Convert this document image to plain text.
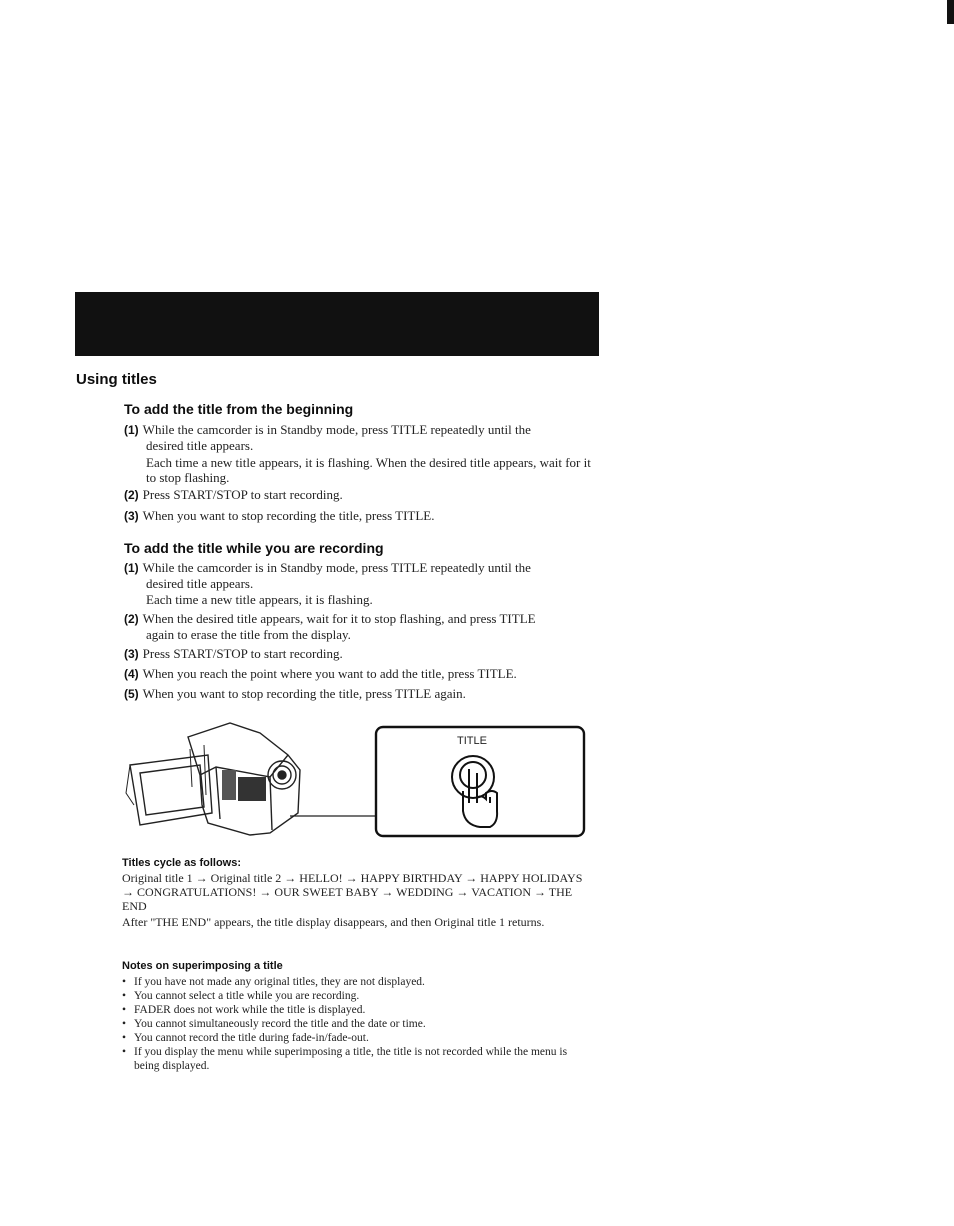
Using titles
To add the title from the beginning
(1) While the camcorder is in Standby mode, press TITLE repeatedly until the
desired title appears.
Each time a new title appears, it is flashing. When the desired title appears, wait for it to stop flashing.
(2) Press START/STOP to start recording.
(3) When you want to stop recording the title, press TITLE.
To add the title while you are recording
(1) While the camcorder is in Standby mode, press TITLE repeatedly until the
desired title appears.
Each time a new title appears, it is flashing.
(2) When the desired title appears, wait for it to stop flashing, and press TITLE
again to erase the title from the display.
(3) Press START/STOP to start recording.
(4) When you reach the point where you want to add the title, press TITLE.
(5) When you want to stop recording the title, press TITLE again.
TITLE
Titles cycle as follows:
Original title 1 → Original title 2 → HELLO! → HAPPY BIRTHDAY → HAPPY HOLIDAYS → CONGRATULATIONS! → OUR SWEET BABY → WEDDING → VACATION → THE END
After "THE END" appears, the title display disappears, and then Original title 1 returns.
Notes on superimposing a title
• If you have not made any original titles, they are not displayed.
• You cannot select a title while you are recording.
• FADER does not work while the title is displayed.
• You cannot simultaneously record the title and the date or time.
• You cannot record the title during fade-in/fade-out.
• If you display the menu while superimposing a title, the title is not recorded while the menu is being displayed.
